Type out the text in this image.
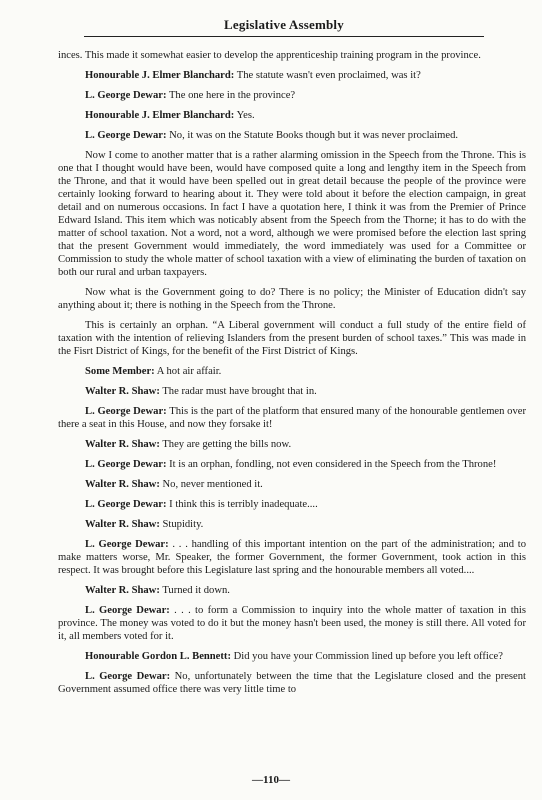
Legislative Assembly

inces. This made it somewhat easier to develop the apprenticeship training program in the province.

Honourable J. Elmer Blanchard: The statute wasn't even proclaimed, was it?

L. George Dewar: The one here in the province?

Honourable J. Elmer Blanchard: Yes.

L. George Dewar: No, it was on the Statute Books though but it was never proclaimed.

Now I come to another matter that is a rather alarming omission in the Speech from the Throne. This is one that I thought would have been, would have composed quite a long and lengthy item in the Speech from the Throne, and that it would have been spelled out in great detail because the people of the province were certainly looking forward to hearing about it. They were told about it before the election campaign, in great detail and on numerous occasions. In fact I have a quotation here, I think it was from the Premier of Prince Edward Island. This item which was noticably absent from the Speech from the Thorne; it has to do with the matter of school taxation. Not a word, not a word, although we were promised before the election last spring that the present Government would immediately, the word immediately was used for a Committee or Commission to study the whole matter of school taxation with a view of eliminating the burden of taxation on both our rural and urban taxpayers.

Now what is the Government going to do? There is no policy; the Minister of Education didn't say anything about it; there is nothing in the Speech from the Throne.

This is certainly an orphan. “A Liberal government will conduct a full study of the entire field of taxation with the intention of relieving Islanders from the present burden of school taxes.” This was made in the Fisrt District of Kings, for the benefit of the First District of Kings.

Some Member: A hot air affair.

Walter R. Shaw: The radar must have brought that in.

L. George Dewar: This is the part of the platform that ensured many of the honourable gentlemen over there a seat in this House, and now they forsake it!

Walter R. Shaw: They are getting the bills now.

L. George Dewar: It is an orphan, fondling, not even considered in the Speech from the Throne!

Walter R. Shaw: No, never mentioned it.

L. George Dewar: I think this is terribly inadequate....

Walter R. Shaw: Stupidity.

L. George Dewar: . . . handling of this important intention on the part of the administration; and to make matters worse, Mr. Speaker, the former Government, the former Government, took action in this respect. It was brought before this Legislature last spring and the honourable members all voted....

Walter R. Shaw: Turned it down.

L. George Dewar: . . . to form a Commission to inquiry into the whole matter of taxation in this province. The money was voted to do it but the money hasn't been used, the money is still there. All voted for it, all members voted for it.

Honourable Gordon L. Bennett: Did you have your Commission lined up before you left office?

L. George Dewar: No, unfortunately between the time that the Legislature closed and the present Government assumed office there was very little time to

—110—
